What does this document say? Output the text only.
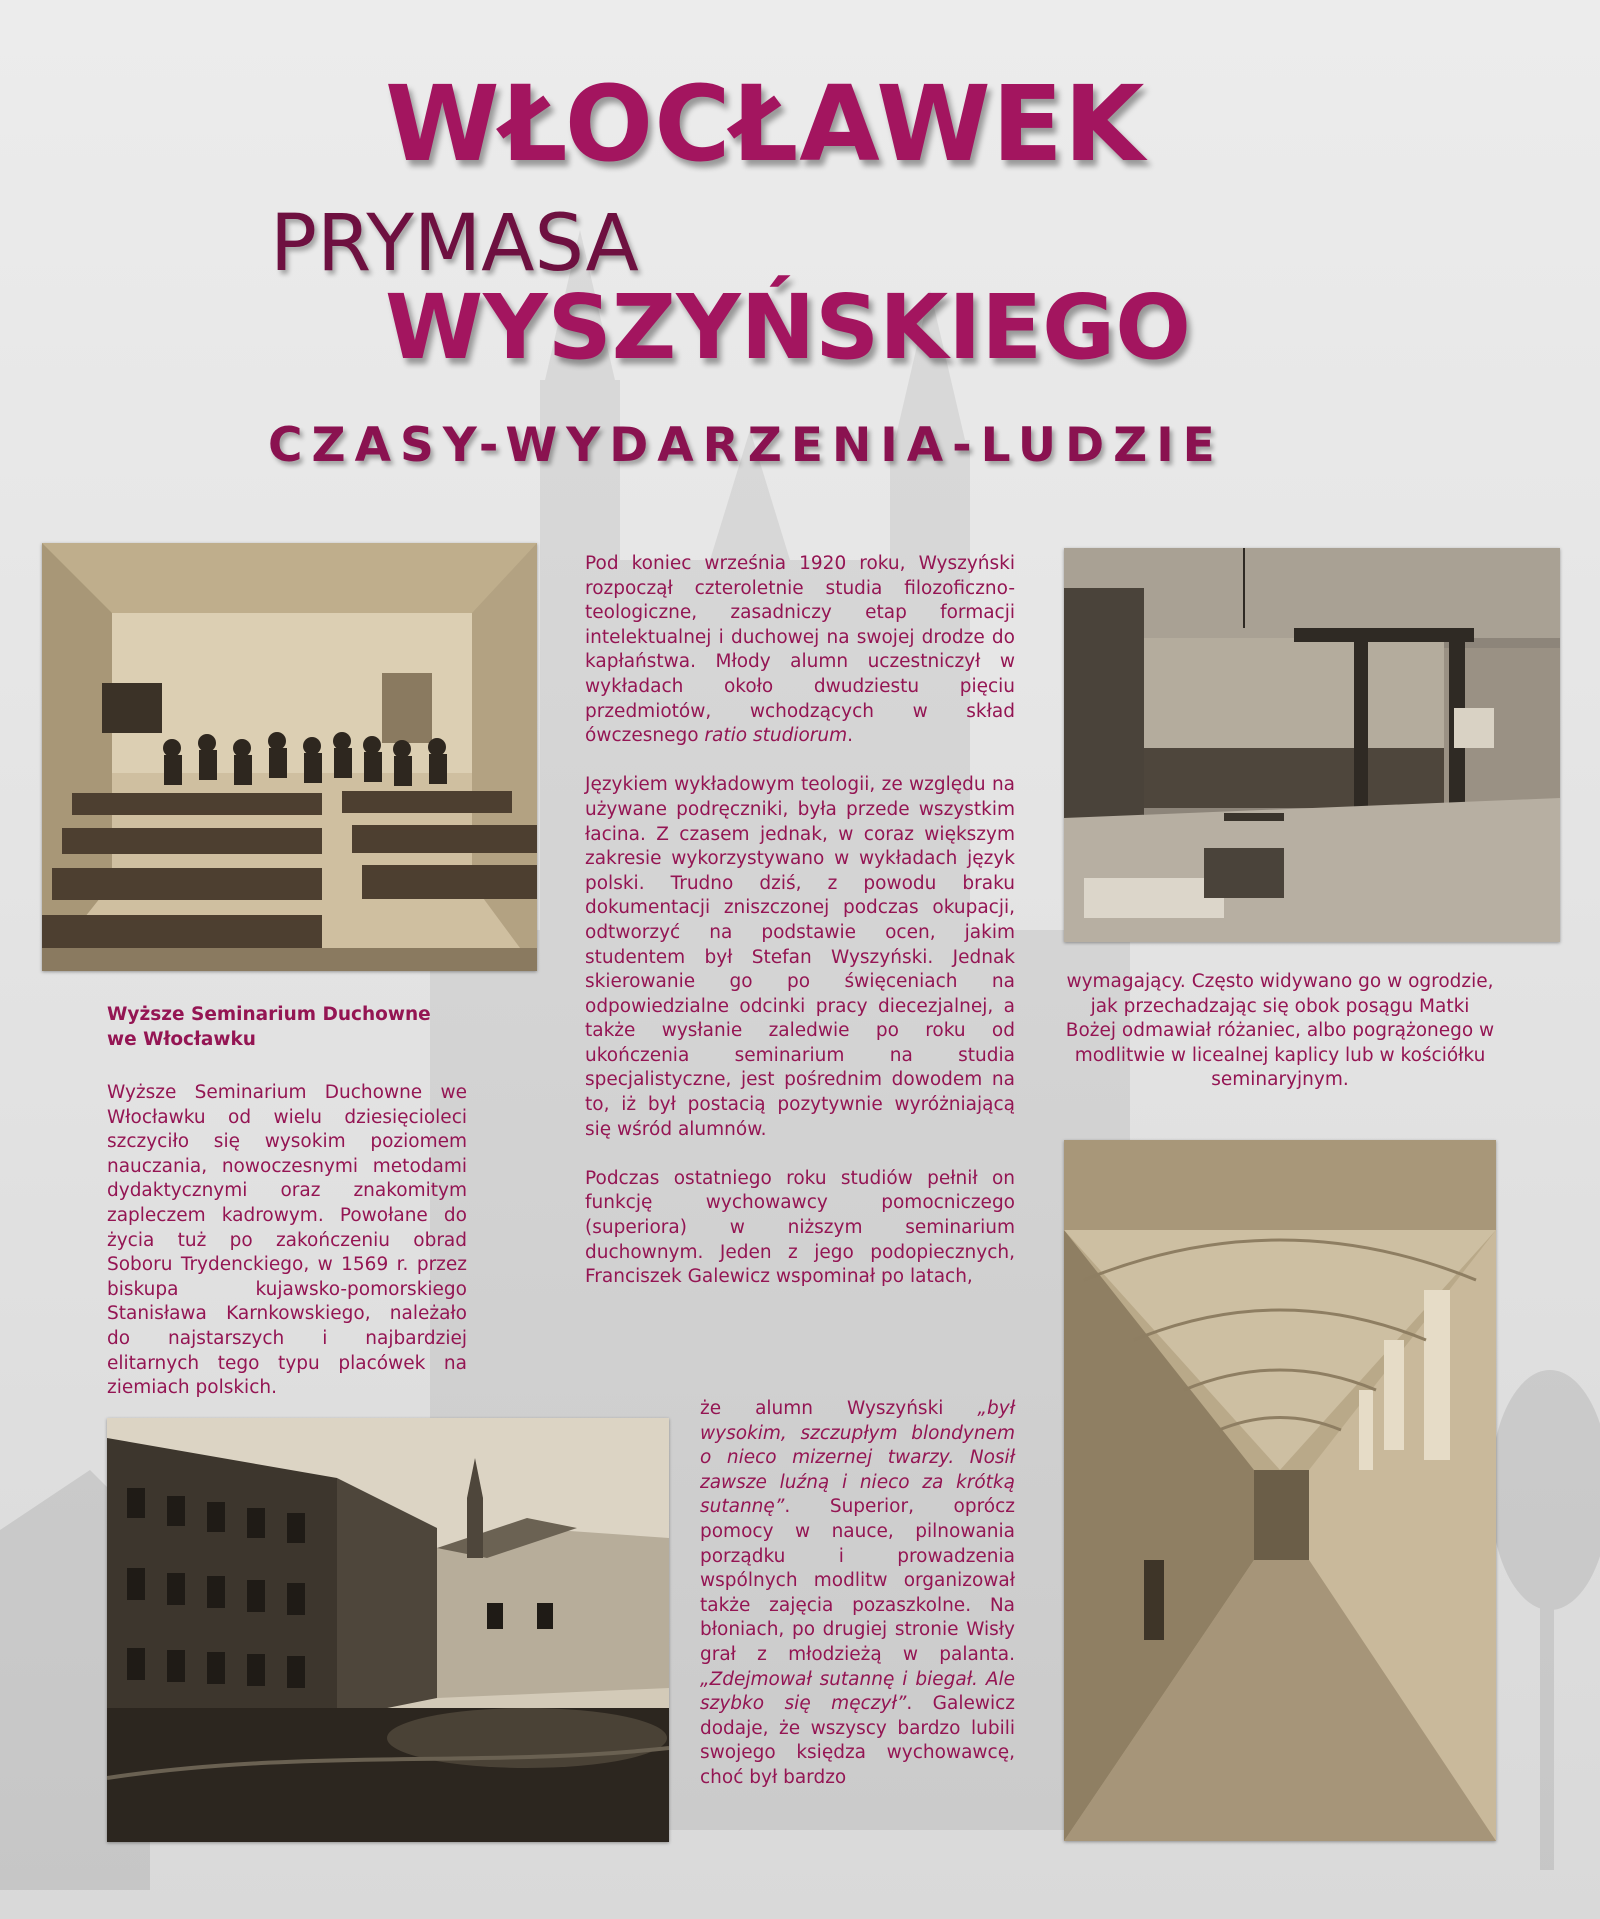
WŁOCŁAWEK
PRYMASA
WYSZYŃSKIEGO
CZASY-WYDARZENIA-LUDZIE
Wyższe Seminarium Duchowne
we Włocławku
Wyższe Seminarium Duchowne we Włocławku od wielu dziesięcioleci szczyciło się wysokim poziomem nauczania, nowoczesnymi metodami dydaktycznymi oraz znakomitym zapleczem kadrowym. Powołane do życia tuż po zakończeniu obrad Soboru Trydenckiego, w 1569 r. przez biskupa kujawsko-pomorskiego Stanisława Karnkowskiego, należało do najstarszych i najbardziej elitarnych tego typu placówek na ziemiach polskich.

Pod koniec września 1920 roku, Wyszyński rozpoczął czteroletnie studia filozoficzno-teologiczne, zasadniczy etap formacji intelektualnej i duchowej na swojej drodze do kapłaństwa. Młody alumn uczestniczył w wykładach około dwudziestu pięciu przedmiotów, wchodzących w skład ówczesnego ratio studiorum.

Językiem wykładowym teologii, ze względu na używane podręczniki, była przede wszystkim łacina. Z czasem jednak, w coraz większym zakresie wykorzystywano w wykładach język polski. Trudno dziś, z powodu braku dokumentacji zniszczonej podczas okupacji, odtworzyć na podstawie ocen, jakim studentem był Stefan Wyszyński. Jednak skierowanie go po święceniach na odpowiedzialne odcinki pracy diecezjalnej, a także wysłanie zaledwie po roku od ukończenia seminarium na studia specjalistyczne, jest pośrednim dowodem na to, iż był postacią pozytywnie wyróżniającą się wśród alumnów.

Podczas ostatniego roku studiów pełnił on funkcję wychowawcy pomocniczego (superiora) w niższym seminarium duchownym. Jeden z jego podopiecznych, Franciszek Galewicz wspominał po latach,

że alumn Wyszyński „był wysokim, szczupłym blondynem o nieco mizernej twarzy. Nosił zawsze luźną i nieco za krótką sutannę”. Superior, oprócz pomocy w nauce, pilnowania porządku i prowadzenia wspólnych modlitw organizował także zajęcia pozaszkolne. Na błoniach, po drugiej stronie Wisły grał z młodzieżą w palanta. „Zdejmował sutannę i biegał. Ale szybko się męczył”. Galewicz dodaje, że wszyscy bardzo lubili swojego księdza wychowawcę, choć był bardzo
wymagający. Często widywano go w ogrodzie, jak przechadzając się obok posągu Matki Bożej odmawiał różaniec, albo pogrążonego w modlitwie w licealnej kaplicy lub w kościółku seminaryjnym.
